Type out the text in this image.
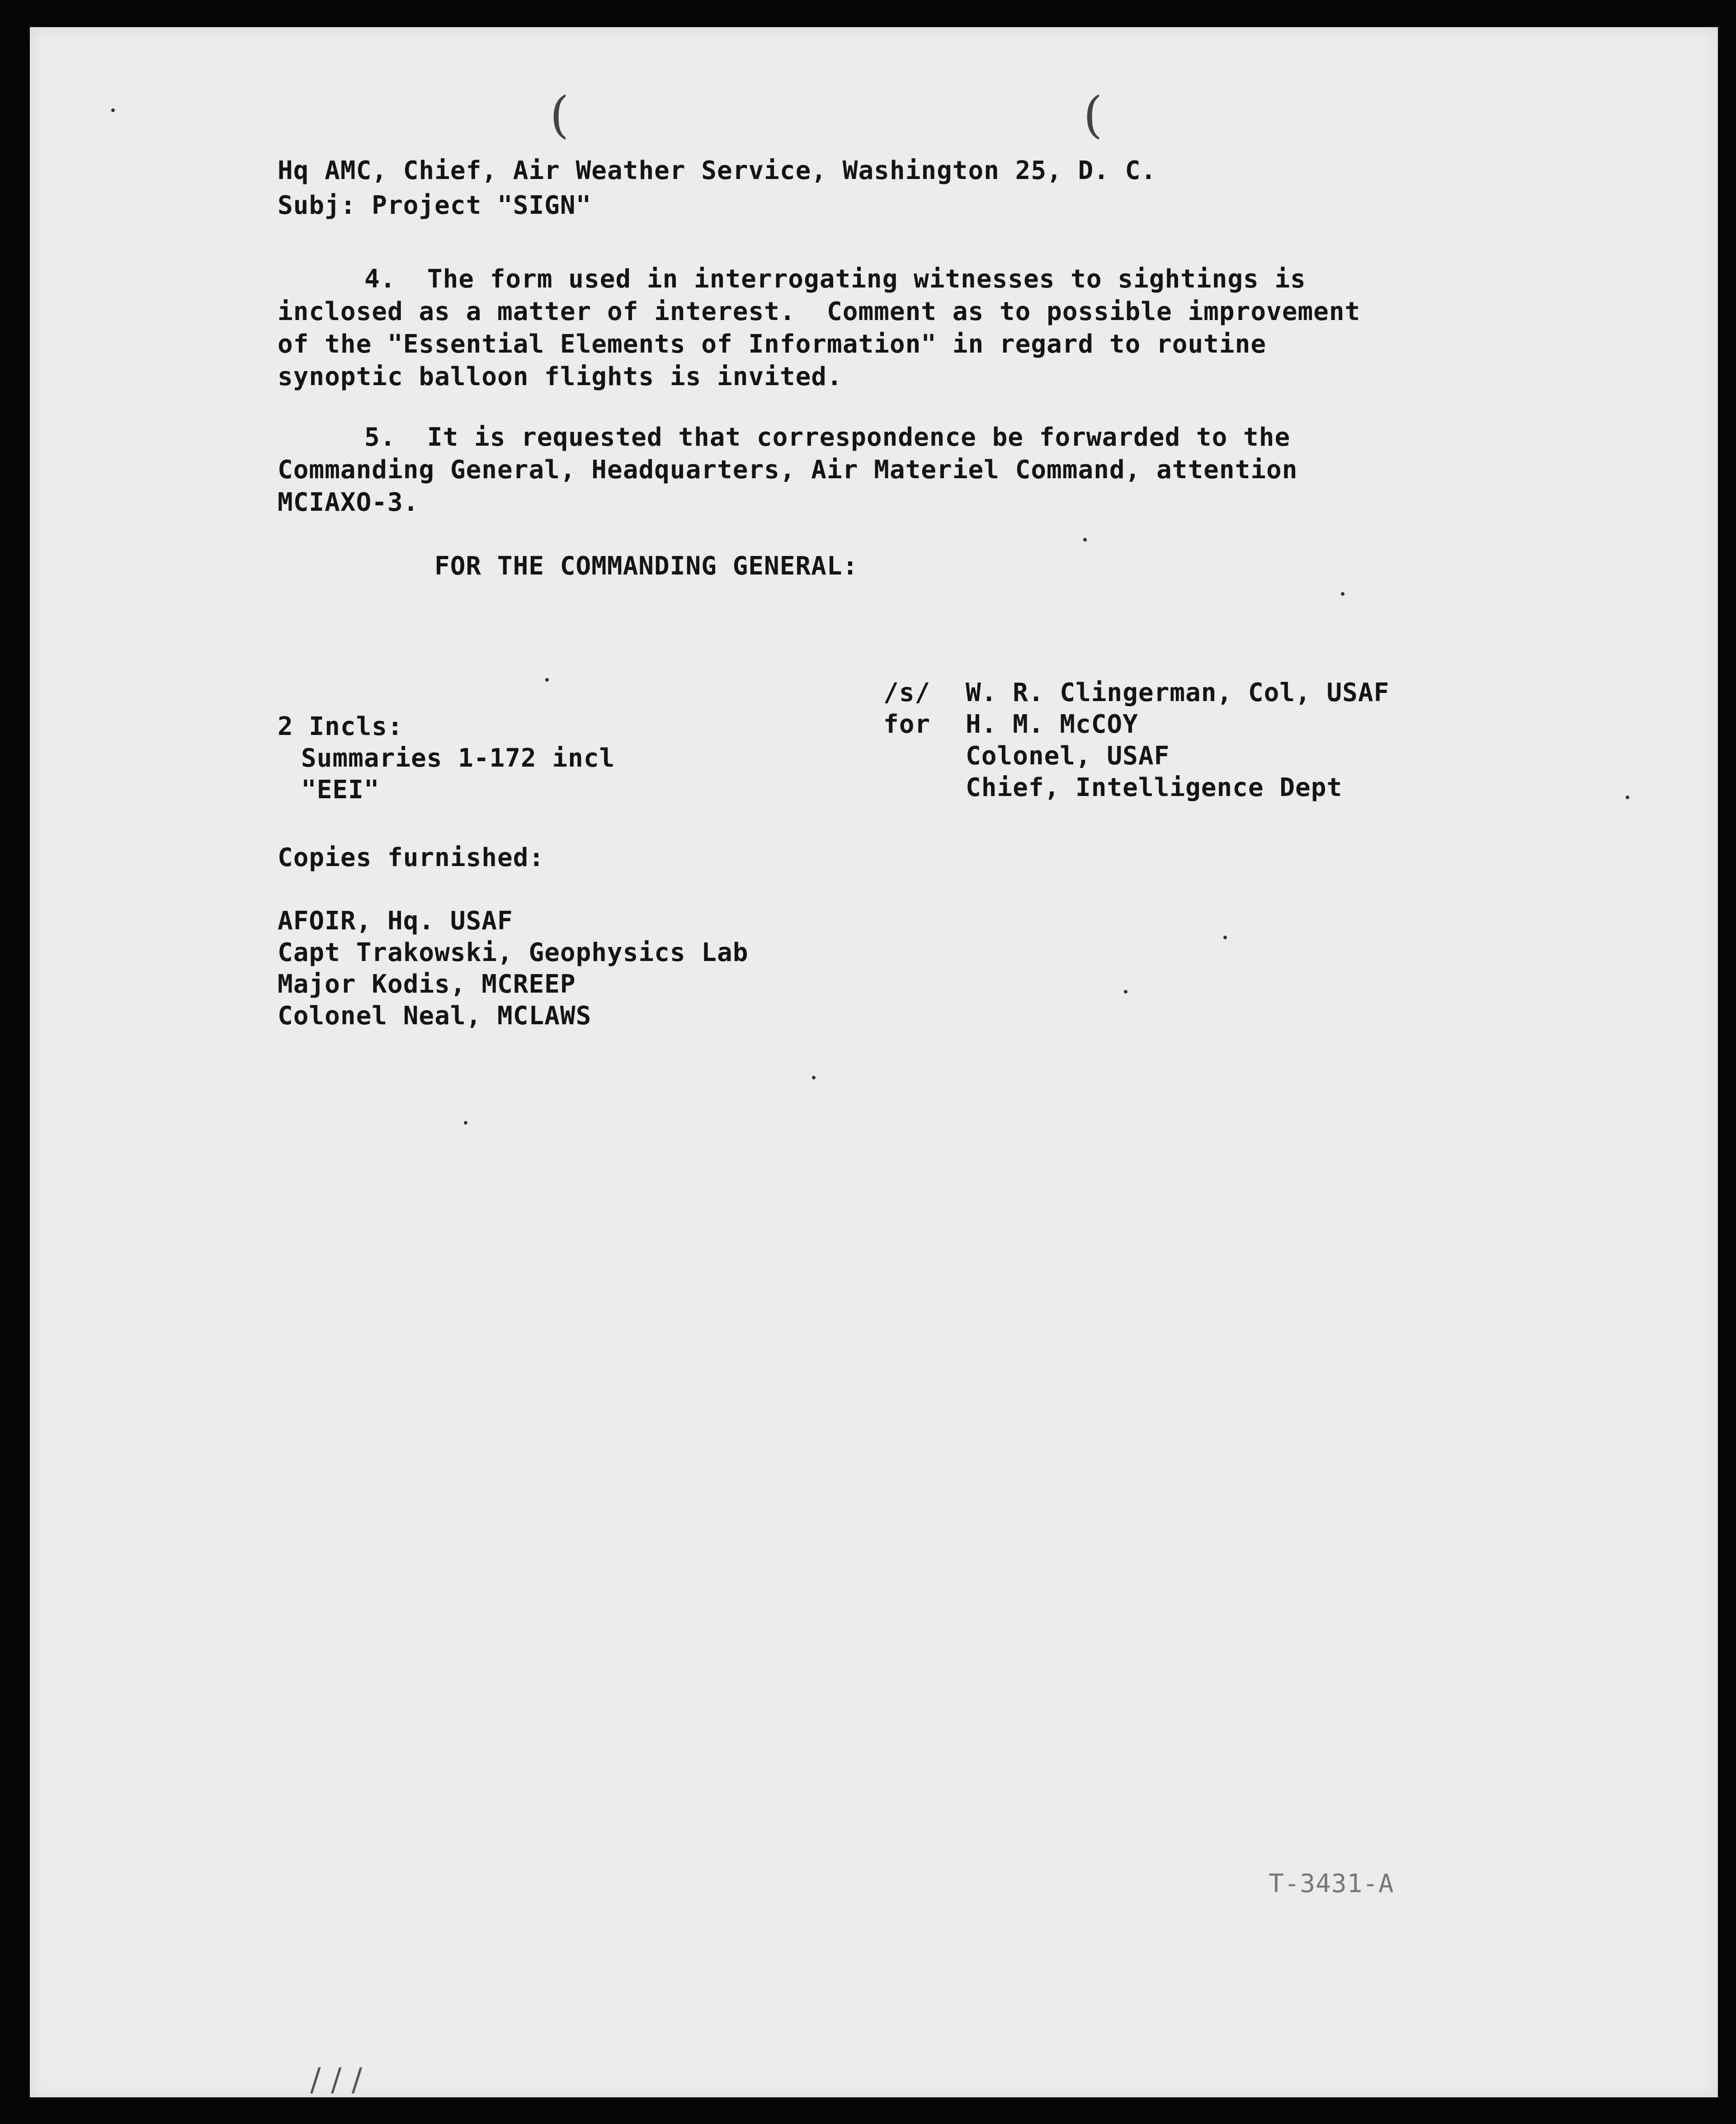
(	(
Hq AMC, Chief, Air Weather Service, Washington 25, D. C.
Subj: Project "SIGN"
4.  The form used in interrogating witnesses to sightings is
inclosed as a matter of interest.  Comment as to possible improvement
of the "Essential Elements of Information" in regard to routine
synoptic balloon flights is invited.
5.  It is requested that correspondence be forwarded to the
Commanding General, Headquarters, Air Materiel Command, attention
MCIAXO-3.
FOR THE COMMANDING GENERAL:
/s/
for
W. R. Clingerman, Col, USAF
H. M. McCOY
Colonel, USAF
Chief, Intelligence Dept
2 Incls:
Summaries 1-172 incl
"EEI"
Copies furnished:
AFOIR, Hq. USAF
Capt Trakowski, Geophysics Lab
Major Kodis, MCREEP
Colonel Neal, MCLAWS
T-3431-A
/ / /
